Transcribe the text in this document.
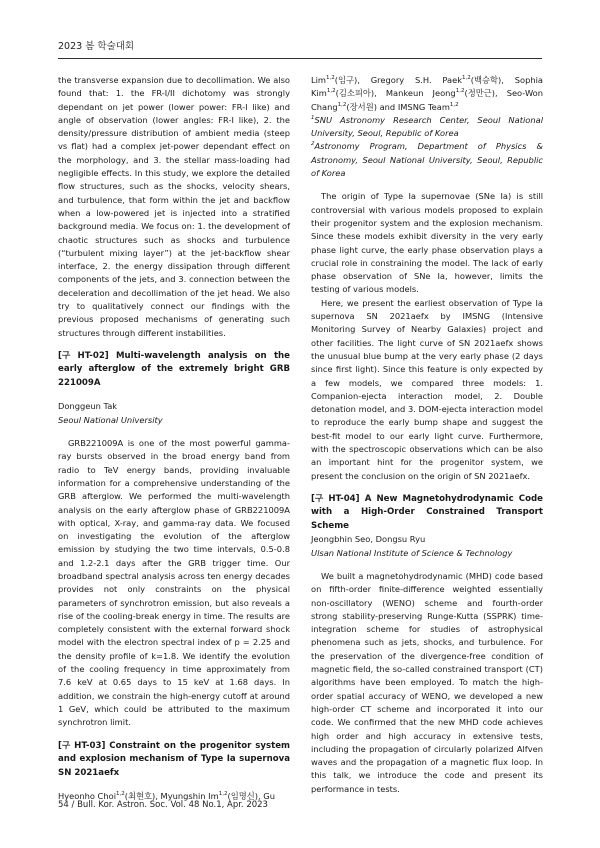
2023 봄 학술대회

the transverse expansion due to decollimation. We also found that: 1. the FR-I/II dichotomy was strongly dependant on jet power (lower power: FR-I like) and angle of observation (lower angles: FR-I like), 2. the density/pressure distribution of ambient media (steep vs flat) had a complex jet-power dependant effect on the morphology, and 3. the stellar mass-loading had negligible effects. In this study, we explore the detailed flow structures, such as the shocks, velocity shears, and turbulence, that form within the jet and backflow when a low-powered jet is injected into a stratified background media. We focus on: 1. the development of chaotic structures such as shocks and turbulence (“turbulent mixing layer”) at the jet-backflow shear interface, 2. the energy dissipation through different components of the jets, and 3. connection between the deceleration and decollimation of the jet head. We also try to qualitatively connect our findings with the previous proposed mechanisms of generating such structures through different instabilities.

[구 HT-02] Multi-wavelength analysis on the early afterglow of the extremely bright GRB 221009A

Donggeun Tak

Seoul National University

GRB221009A is one of the most powerful gamma-ray bursts observed in the broad energy band from radio to TeV energy bands, providing invaluable information for a comprehensive understanding of the GRB afterglow. We performed the multi-wavelength analysis on the early afterglow phase of GRB221009A with optical, X-ray, and gamma-ray data. We focused on investigating the evolution of the afterglow emission by studying the two time intervals, 0.5-0.8 and 1.2-2.1 days after the GRB trigger time. Our broadband spectral analysis across ten energy decades provides not only constraints on the physical parameters of synchrotron emission, but also reveals a rise of the cooling-break energy in time. The results are completely consistent with the external forward shock model with the electron spectral index of p = 2.25 and the density profile of k=1.8. We identify the evolution of the cooling frequency in time approximately from 7.6 keV at 0.65 days to 15 keV at 1.68 days. In addition, we constrain the high-energy cutoff at around 1 GeV, which could be attributed to the maximum synchrotron limit.

[구 HT-03] Constraint on the progenitor system and explosion mechanism of Type Ia supernova SN 2021aefx

Hyeonho Choi$^{1,2}$(최현호), Myungshin Im$^{1,2}$(임명신), Gu

Lim$^{1,2}$(임구), Gregory S.H. Paek$^{1,2}$(백승학), Sophia Kim$^{1,2}$(김소피아), Mankeun Jeong$^{1,2}$(정만근), Seo-Won Chang$^{1,2}$(장서원) and IMSNG Team$^{1,2}$

$^1$SNU Astronomy Research Center, Seoul National University, Seoul, Republic of Korea

$^2$Astronomy Program, Department of Physics & Astronomy, Seoul National University, Seoul, Republic of Korea

The origin of Type Ia supernovae (SNe Ia) is still controversial with various models proposed to explain their progenitor system and the explosion mechanism. Since these models exhibit diversity in the very early phase light curve, the early phase observation plays a crucial role in constraining the model. The lack of early phase observation of SNe Ia, however, limits the testing of various models.

Here, we present the earliest observation of Type Ia supernova SN 2021aefx by IMSNG (Intensive Monitoring Survey of Nearby Galaxies) project and other facilities. The light curve of SN 2021aefx shows the unusual blue bump at the very early phase (2 days since first light). Since this feature is only expected by a few models, we compared three models: 1. Companion-ejecta interaction model, 2. Double detonation model, and 3. DOM-ejecta interaction model to reproduce the early bump shape and suggest the best-fit model to our early light curve. Furthermore, with the spectroscopic observations which can be also an important hint for the progenitor system, we present the conclusion on the origin of SN 2021aefx.

[구 HT-04] A New Magnetohydrodynamic Code with a High-Order Constrained Transport Scheme

Jeongbhin Seo, Dongsu Ryu

Ulsan National Institute of Science & Technology

We built a magnetohydrodynamic (MHD) code based on fifth-order finite-difference weighted essentially non-oscillatory (WENO) scheme and fourth-order strong stability-preserving Runge-Kutta (SSPRK) time-integration scheme for studies of astrophysical phenomena such as jets, shocks, and turbulence. For the preservation of the divergence-free condition of magnetic field, the so-called constrained transport (CT) algorithms have been employed. To match the high-order spatial accuracy of WENO, we developed a new high-order CT scheme and incorporated it into our code. We confirmed that the new MHD code achieves high order and high accuracy in extensive tests, including the propagation of circularly polarized Alfven waves and the propagation of a magnetic flux loop. In this talk, we introduce the code and present its performance in tests.

54 / Bull. Kor. Astron. Soc. Vol. 48 No.1, Apr. 2023
